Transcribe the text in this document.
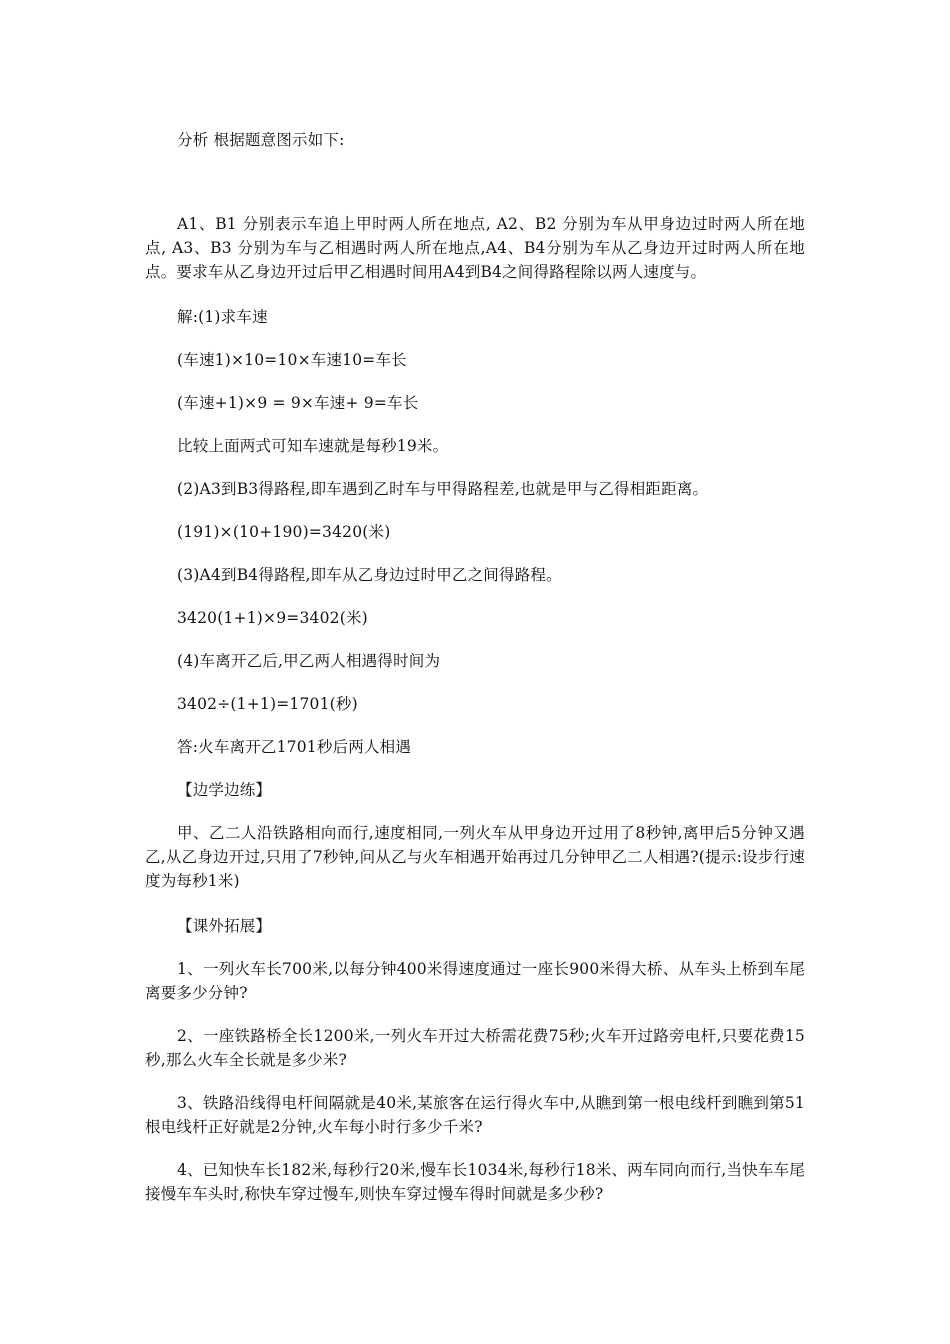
分析 根据题意图示如下:
A1、B1 分别表示车追上甲时两人所在地点, A2、B2 分别为车从甲身边过时两人所在地点, A3、B3 分别为车与乙相遇时两人所在地点,A4、B4分别为车从乙身边开过时两人所在地点。要求车从乙身边开过后甲乙相遇时间用A4到B4之间得路程除以两人速度与。
解:(1)求车速
(车速1)×10=10×车速10=车长
(车速+1)×9 = 9×车速+ 9=车长
比较上面两式可知车速就是每秒19米。
(2)A3到B3得路程,即车遇到乙时车与甲得路程差,也就是甲与乙得相距距离。
(191)×(10+190)=3420(米)
(3)A4到B4得路程,即车从乙身边过时甲乙之间得路程。
3420(1+1)×9=3402(米)
(4)车离开乙后,甲乙两人相遇得时间为
3402÷(1+1)=1701(秒)
答:火车离开乙1701秒后两人相遇
【边学边练】
甲、乙二人沿铁路相向而行,速度相同,一列火车从甲身边开过用了8秒钟,离甲后5分钟又遇乙,从乙身边开过,只用了7秒钟,问从乙与火车相遇开始再过几分钟甲乙二人相遇?(提示:设步行速度为每秒1米)
【课外拓展】
1、一列火车长700米,以每分钟400米得速度通过一座长900米得大桥、从车头上桥到车尾离要多少分钟?
2、一座铁路桥全长1200米,一列火车开过大桥需花费75秒;火车开过路旁电杆,只要花费15秒,那么火车全长就是多少米?
3、铁路沿线得电杆间隔就是40米,某旅客在运行得火车中,从瞧到第一根电线杆到瞧到第51根电线杆正好就是2分钟,火车每小时行多少千米?
4、已知快车长182米,每秒行20米,慢车长1034米,每秒行18米、两车同向而行,当快车车尾接慢车车头时,称快车穿过慢车,则快车穿过慢车得时间就是多少秒?
